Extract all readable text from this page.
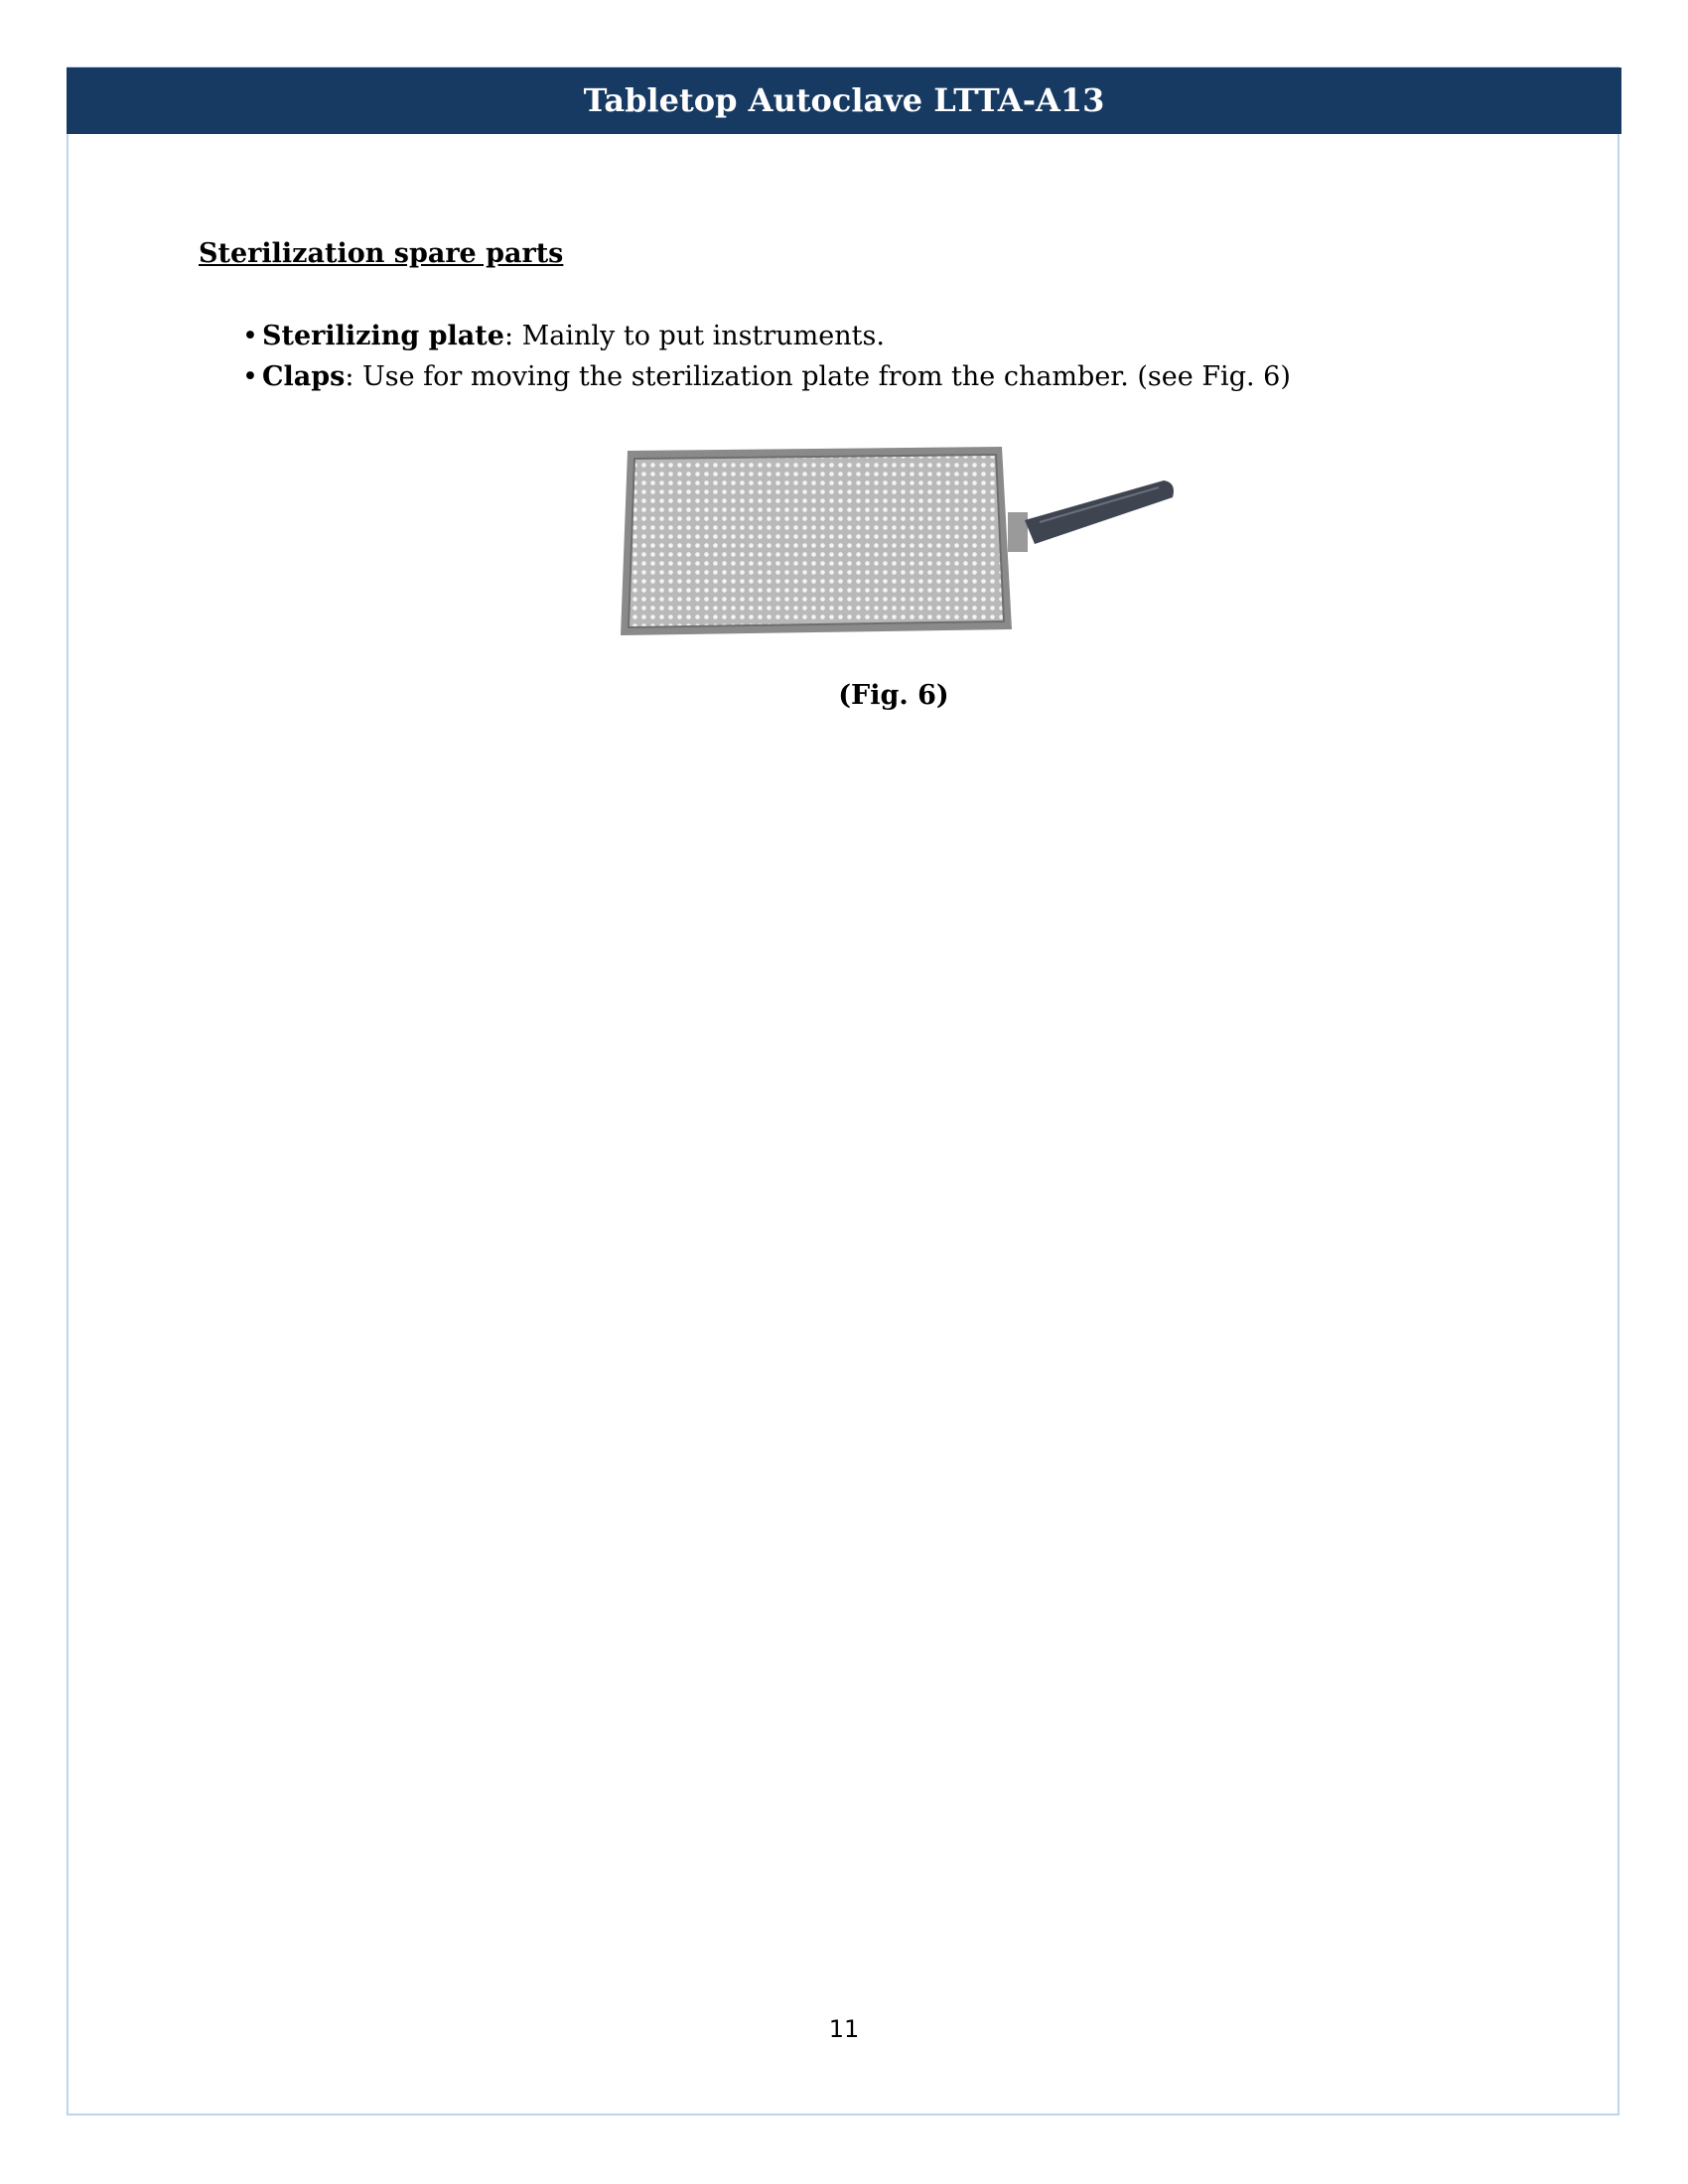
Tabletop Autoclave LTTA-A13
Sterilization spare parts
• Sterilizing plate: Mainly to put instruments.
• Claps: Use for moving the sterilization plate from the chamber. (see Fig. 6)
(Fig. 6)
11
